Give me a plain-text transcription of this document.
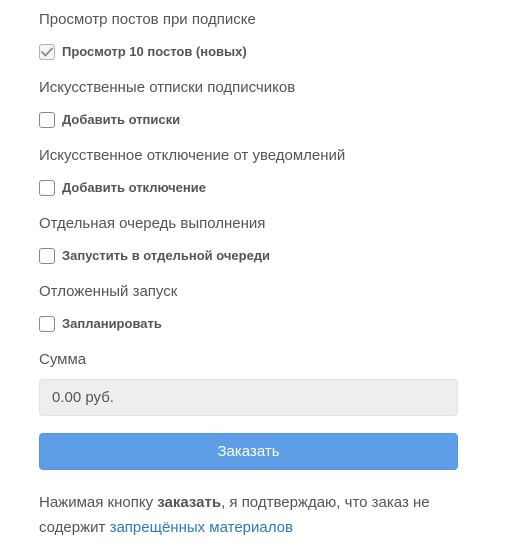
Просмотр постов при подписке
Просмотр 10 постов (новых)
Искусственные отписки подписчиков
Добавить отписки
Искусственное отключение от уведомлений
Добавить отключение
Отдельная очередь выполнения
Запустить в отдельной очереди
Отложенный запуск
Запланировать
Сумма
0.00 руб.
Заказать
Нажимая кнопку заказать, я подтверждаю, что заказ не содержит запрещённых материалов
